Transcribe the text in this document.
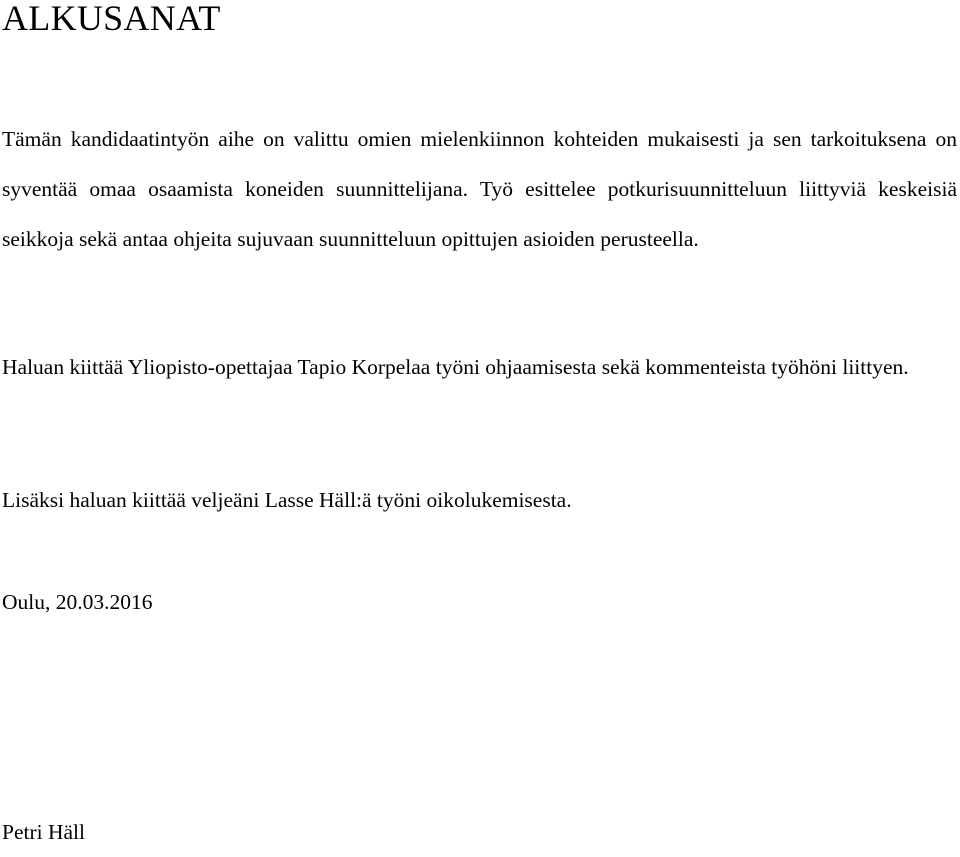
ALKUSANAT

Tämän kandidaatintyön aihe on valittu omien mielenkiinnon kohteiden mukaisesti ja sen tarkoituksena on syventää omaa osaamista koneiden suunnittelijana. Työ esittelee potkurisuunnitteluun liittyviä keskeisiä seikkoja sekä antaa ohjeita sujuvaan suunnitteluun opittujen asioiden perusteella.

Haluan kiittää Yliopisto-opettajaa Tapio Korpelaa työni ohjaamisesta sekä kommenteista työhöni liittyen.

Lisäksi haluan kiittää veljeäni Lasse Häll:ä työni oikolukemisesta.

Oulu, 20.03.2016

Petri Häll
